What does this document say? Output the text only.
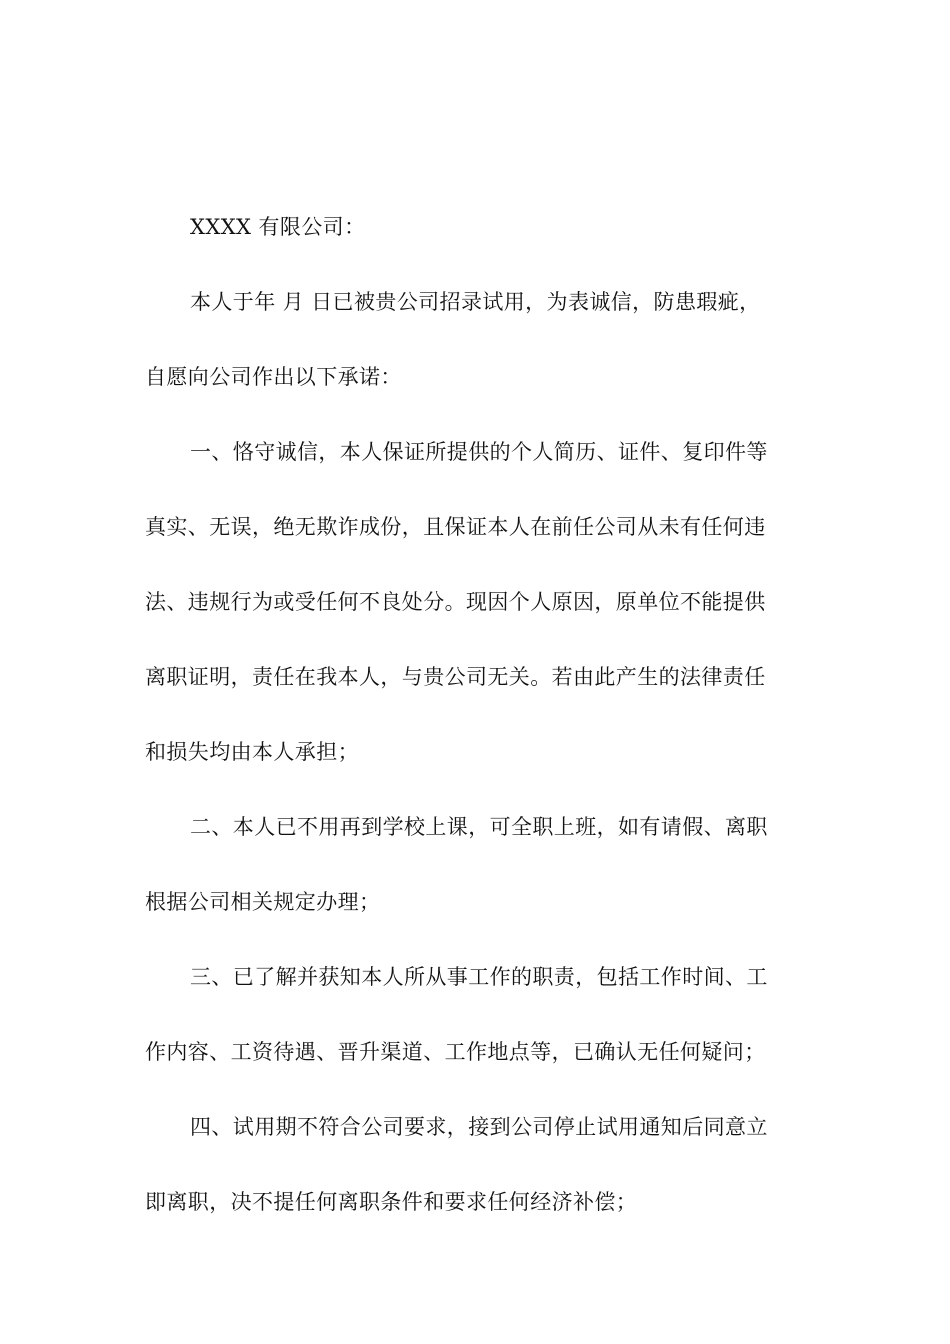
XXXX 有限公司：

本人于年 月 日已被贵公司招录试用，为表诚信，防患瑕疵，

自愿向公司作出以下承诺：

一、恪守诚信，本人保证所提供的个人简历、证件、复印件等

真实、无误，绝无欺诈成份，且保证本人在前任公司从未有任何违

法、违规行为或受任何不良处分。现因个人原因，原单位不能提供

离职证明，责任在我本人，与贵公司无关。若由此产生的法律责任

和损失均由本人承担；

二、本人已不用再到学校上课，可全职上班，如有请假、离职

根据公司相关规定办理；

三、已了解并获知本人所从事工作的职责，包括工作时间、工

作内容、工资待遇、晋升渠道、工作地点等，已确认无任何疑问；

四、试用期不符合公司要求，接到公司停止试用通知后同意立

即离职，决不提任何离职条件和要求任何经济补偿；
